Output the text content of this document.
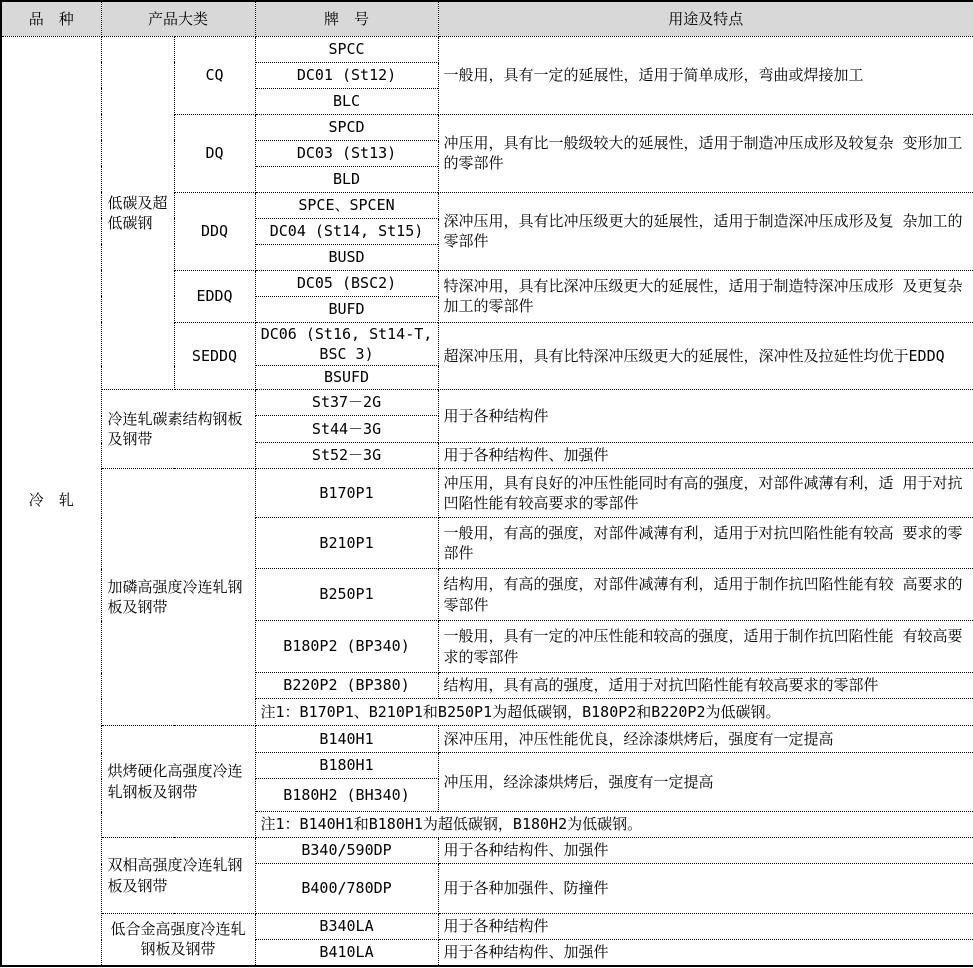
品　种	产品大类		牌　号	用途及特点
冷　轧	低碳及超低碳钢	CQ	SPCC	一般用，具有一定的延展性，适用于简单成形，弯曲或焊接加工
			DC01 (St12)	
			BLC	
		DQ	SPCD	冲压用，具有比一般级较大的延展性，适用于制造冲压成形及较复杂 变形加工的零部件
			DC03 (St13)	
			BLD	
		DDQ	SPCE、SPCEN	深冲压用，具有比冲压级更大的延展性，适用于制造深冲压成形及复 杂加工的零部件
			DC04 (St14, St15)	
			BUSD	
		EDDQ	DC05 (BSC2)	特深冲用，具有比深冲压级更大的延展性，适用于制造特深冲压成形 及更复杂加工的零部件
			BUFD	
		SEDDQ	DC06 (St16, St14-T, BSC 3)	超深冲压用，具有比特深冲压级更大的延展性，深冲性及拉延性均优于EDDQ
			BSUFD	
	冷连轧碳素结构钢板及钢带		St37－2G	用于各种结构件
			St44－3G	
			St52－3G	用于各种结构件、加强件
	加磷高强度冷连轧钢板及钢带		B170P1	冲压用，具有良好的冲压性能同时有高的强度，对部件减薄有利，适 用于对抗凹陷性能有较高要求的零部件
			B210P1	一般用，有高的强度，对部件减薄有利，适用于对抗凹陷性能有较高 要求的零部件
			B250P1	结构用，有高的强度，对部件减薄有利，适用于制作抗凹陷性能有较 高要求的零部件
			B180P2 (BP340)	一般用，具有一定的冲压性能和较高的强度，适用于制作抗凹陷性能 有较高要求的零部件
			B220P2 (BP380)	结构用，具有高的强度，适用于对抗凹陷性能有较高要求的零部件
			注1：B170P1、B210P1和B250P1为超低碳钢，B180P2和B220P2为低碳钢。	
	烘烤硬化高强度冷连轧钢板及钢带		B140H1	深冲压用，冲压性能优良，经涂漆烘烤后，强度有一定提高
			B180H1	冲压用，经涂漆烘烤后，强度有一定提高
			B180H2 (BH340)	
			注1：B140H1和B180H1为超低碳钢，B180H2为低碳钢。	
	双相高强度冷连轧钢板及钢带		B340/590DP	用于各种结构件、加强件
			B400/780DP	用于各种加强件、防撞件
	低合金高强度冷连轧钢板及钢带		B340LA	用于各种结构件
			B410LA	用于各种结构件、加强件
